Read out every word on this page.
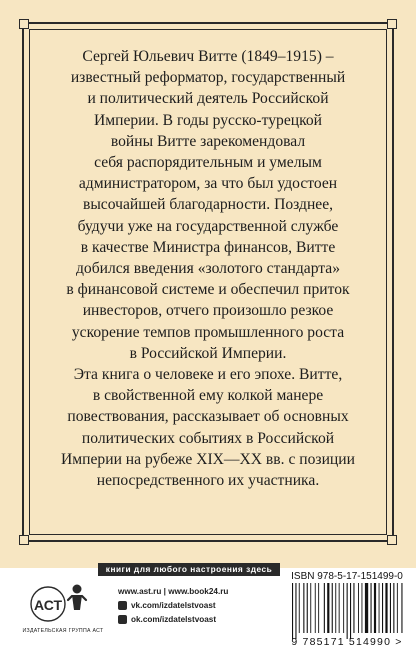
Сергей Юльевич Витте (1849–1915) –
известный реформатор, государственный
и политический деятель Российской
Империи. В годы русско-турецкой
войны Витте зарекомендовал
себя распорядительным и умелым
администратором, за что был удостоен
высочайшей благодарности. Позднее,
будучи уже на государственной службе
в качестве Министра финансов, Витте
добился введения «золотого стандарта»
в финансовой системе и обеспечил приток
инвесторов, отчего произошло резкое
ускорение темпов промышленного роста
в Российской Империи.

Эта книга о человеке и его эпохе. Витте,
в свойственной ему колкой манере
повествования, рассказывает об основных
политических событиях в Российской
Империи на рубеже XIX—XX вв. с позиции
непосредственного их участника.

книги для любого настроения здесь
АСТ
ИЗДАТЕЛЬСКАЯ ГРУППА АСТ
www.ast.ru | www.book24.ru
vk.com/izdatelstvoast
ok.com/izdatelstvoast
ISBN 978-5-17-151499-0
9 785171 514990 >
